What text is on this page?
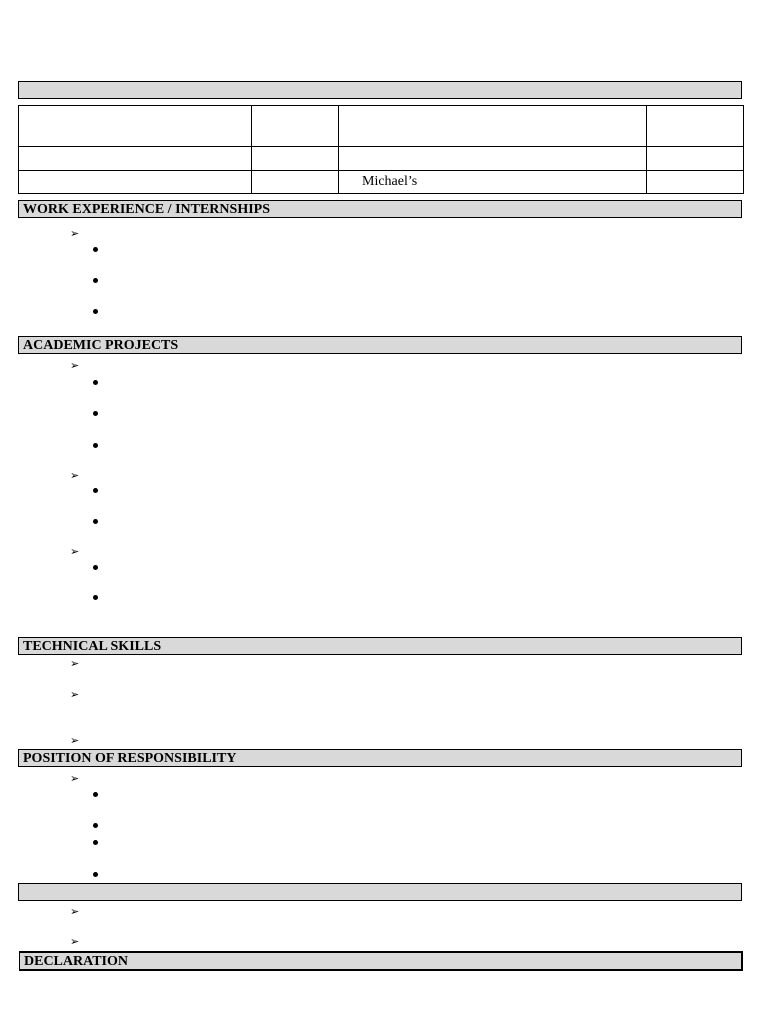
		Michael’s	
WORK EXPERIENCE / INTERNSHIPS
➢
ACADEMIC PROJECTS
➢
➢
➢
TECHNICAL SKILLS
➢
➢
➢
POSITION OF RESPONSIBILITY
➢
➢
➢
DECLARATION
